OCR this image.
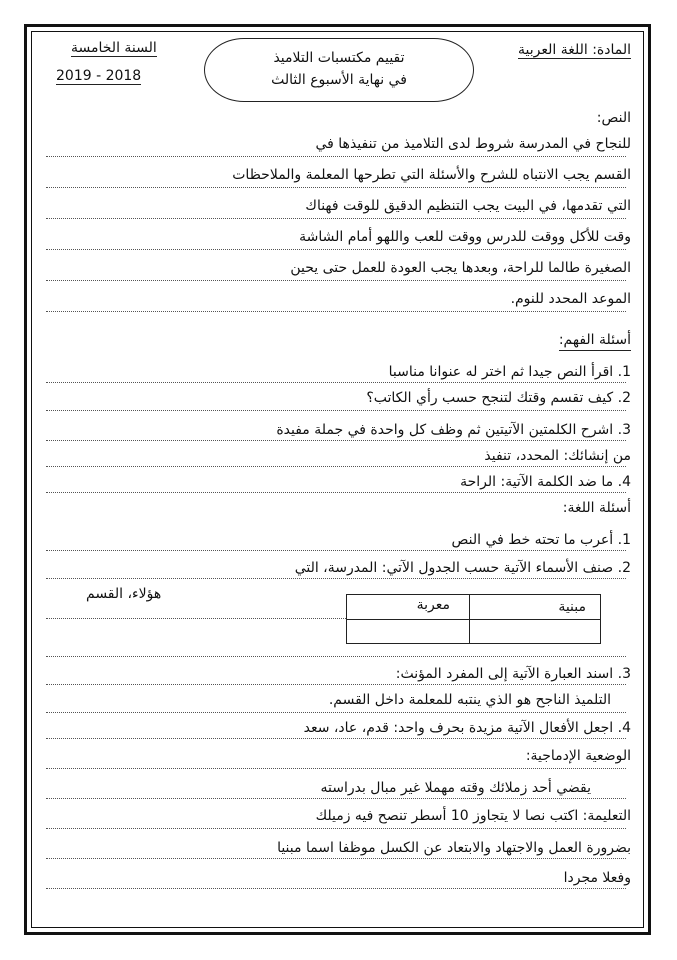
المادة: اللغة العربية
السنة الخامسة
2019 - 2018
تقييم مكتسبات التلاميذ
في نهاية الأسبوع الثالث
النص:
للنجاح في المدرسة شروط لدى التلاميذ من تنفيذها في
القسم يجب الانتباه للشرح والأسئلة التي تطرحها المعلمة والملاحظات
التي تقدمها، في البيت يجب التنظيم الدقيق للوقت فهناك
وقت للأكل ووقت للدرس ووقت للعب واللهو أمام الشاشة
الصغيرة طالما للراحة، وبعدها يجب العودة للعمل حتى يحين
الموعد المحدد للنوم.
أسئلة الفهم:
1. اقرأ النص جيدا ثم اختر له عنوانا مناسبا
2. كيف تقسم وقتك لتنجح حسب رأي الكاتب؟
3. اشرح الكلمتين الآتيتين ثم وظف كل واحدة في جملة مفيدة
من إنشائك: المحدد، تنفيذ
4. ما ضد الكلمة الآتية: الراحة
أسئلة اللغة:
1. أعرب ما تحته خط في النص
2. صنف الأسماء الآتية حسب الجدول الآتي: المدرسة، التي
هؤلاء، القسم
مبنية
معربة
3. اسند العبارة الآتية إلى المفرد المؤنث:
التلميذ الناجح هو الذي ينتبه للمعلمة داخل القسم.
4. اجعل الأفعال الآتية مزيدة بحرف واحد: قدم، عاد، سعد
الوضعية الإدماجية:
يقضي أحد زملائك وقته مهملا غير مبال بدراسته
التعليمة: اكتب نصا لا يتجاوز 10 أسطر تنصح فيه زميلك
بضرورة العمل والاجتهاد والابتعاد عن الكسل موظفا اسما مبنيا
وفعلا مجردا
